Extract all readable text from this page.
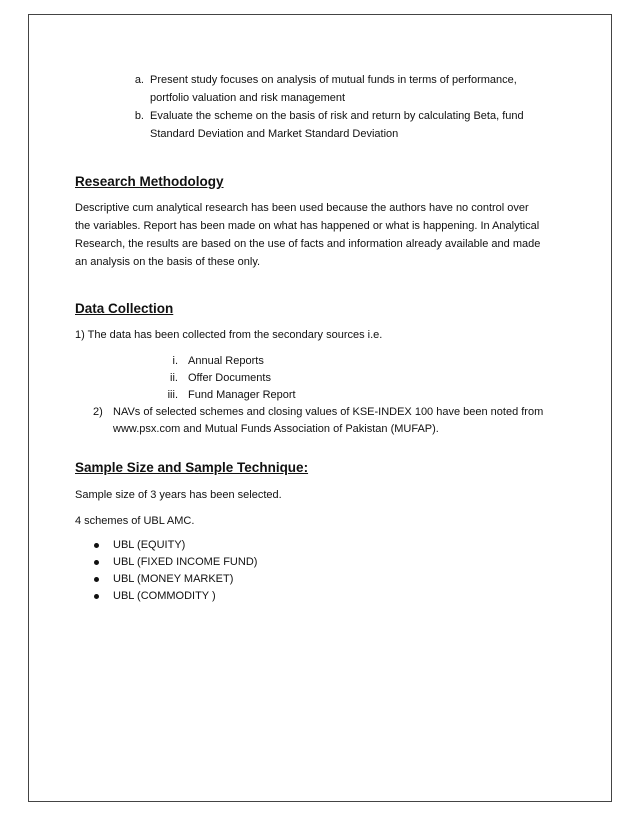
a. Present study focuses on analysis of mutual funds in terms of performance,
portfolio valuation and risk management
b. Evaluate the scheme on the basis of risk and return by calculating Beta, fund
Standard Deviation and Market Standard Deviation
Research Methodology
Descriptive cum analytical research has been used because the authors have no control over
the variables. Report has been made on what has happened or what is happening. In Analytical
Research, the results are based on the use of facts and information already available and made
an analysis on the basis of these only.
Data Collection
1) The data has been collected from the secondary sources i.e.
i. Annual Reports
ii. Offer Documents
iii. Fund Manager Report
2) NAVs of selected schemes and closing values of KSE-INDEX 100 have been noted from
www.psx.com and Mutual Funds Association of Pakistan (MUFAP).
Sample Size and Sample Technique:
Sample size of 3 years has been selected.
4 schemes of UBL AMC.
UBL (EQUITY)
UBL (FIXED INCOME FUND)
UBL (MONEY MARKET)
UBL (COMMODITY )
